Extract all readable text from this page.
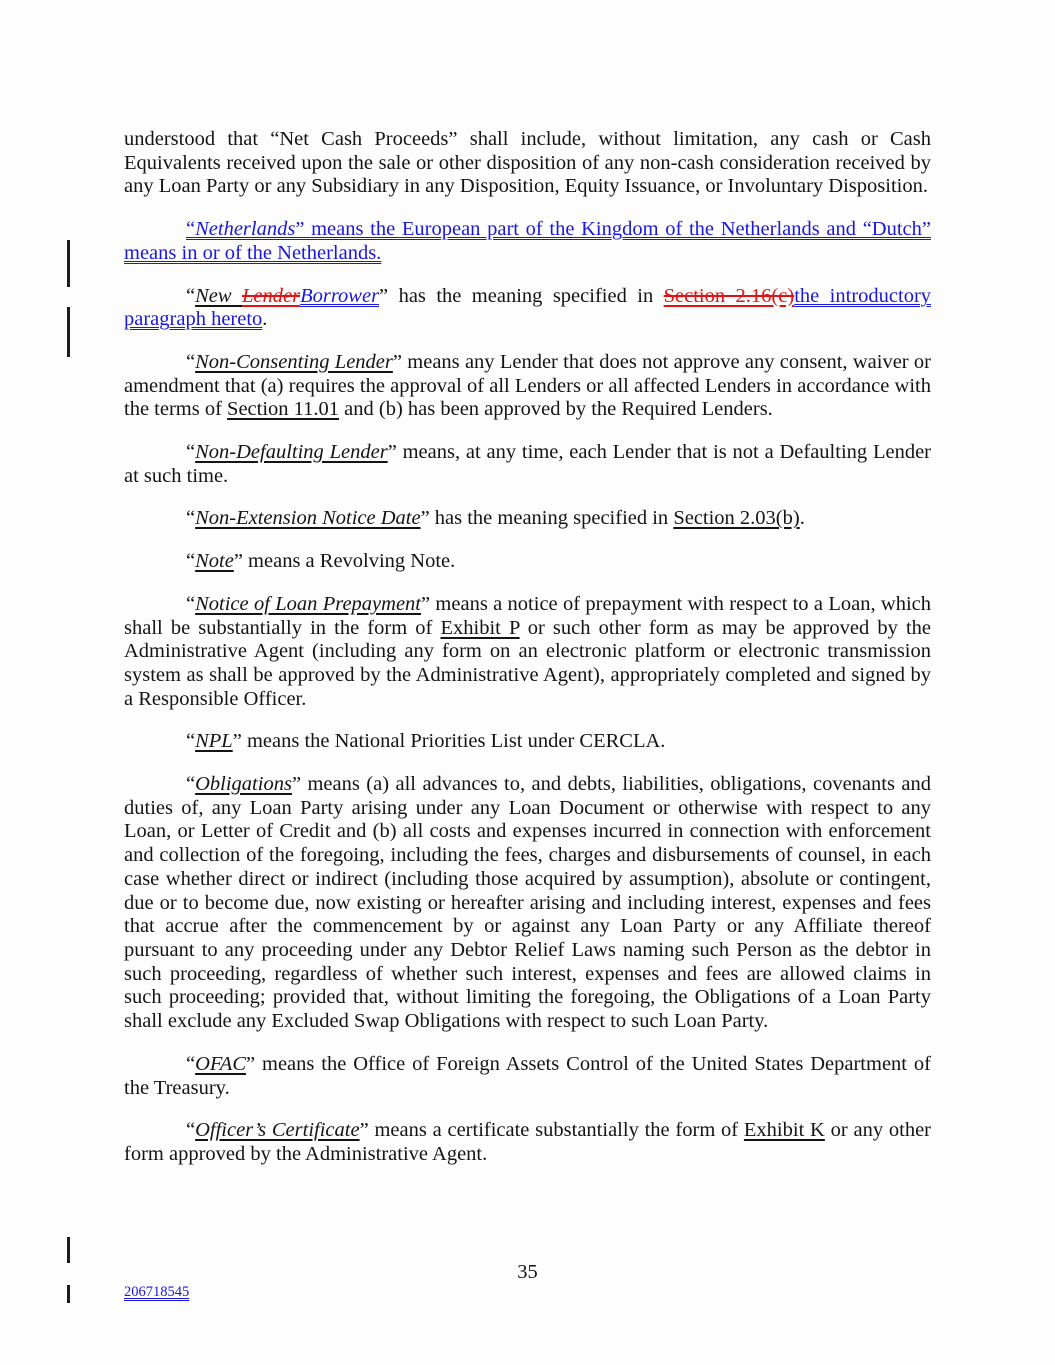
understood that “Net Cash Proceeds” shall include, without limitation, any cash or Cash Equivalents received upon the sale or other disposition of any non-cash consideration received by any Loan Party or any Subsidiary in any Disposition, Equity Issuance, or Involuntary Disposition.

“Netherlands” means the European part of the Kingdom of the Netherlands and “Dutch” means in or of the Netherlands.

“New LenderBorrower” has the meaning specified in Section 2.16(c)the introductory paragraph hereto.

“Non-Consenting Lender” means any Lender that does not approve any consent, waiver or amendment that (a) requires the approval of all Lenders or all affected Lenders in accordance with the terms of Section 11.01 and (b) has been approved by the Required Lenders.

“Non-Defaulting Lender” means, at any time, each Lender that is not a Defaulting Lender at such time.

“Non-Extension Notice Date” has the meaning specified in Section 2.03(b).

“Note” means a Revolving Note.

“Notice of Loan Prepayment” means a notice of prepayment with respect to a Loan, which shall be substantially in the form of Exhibit P or such other form as may be approved by the Administrative Agent (including any form on an electronic platform or electronic transmission system as shall be approved by the Administrative Agent), appropriately completed and signed by a Responsible Officer.

“NPL” means the National Priorities List under CERCLA.

“Obligations” means (a) all advances to, and debts, liabilities, obligations, covenants and duties of, any Loan Party arising under any Loan Document or otherwise with respect to any Loan, or Letter of Credit and (b) all costs and expenses incurred in connection with enforcement and collection of the foregoing, including the fees, charges and disbursements of counsel, in each case whether direct or indirect (including those acquired by assumption), absolute or contingent, due or to become due, now existing or hereafter arising and including interest, expenses and fees that accrue after the commencement by or against any Loan Party or any Affiliate thereof pursuant to any proceeding under any Debtor Relief Laws naming such Person as the debtor in such proceeding, regardless of whether such interest, expenses and fees are allowed claims in such proceeding; provided that, without limiting the foregoing, the Obligations of a Loan Party shall exclude any Excluded Swap Obligations with respect to such Loan Party.

“OFAC” means the Office of Foreign Assets Control of the United States Department of the Treasury.

“Officer’s Certificate” means a certificate substantially the form of Exhibit K or any other form approved by the Administrative Agent.

35
206718545
